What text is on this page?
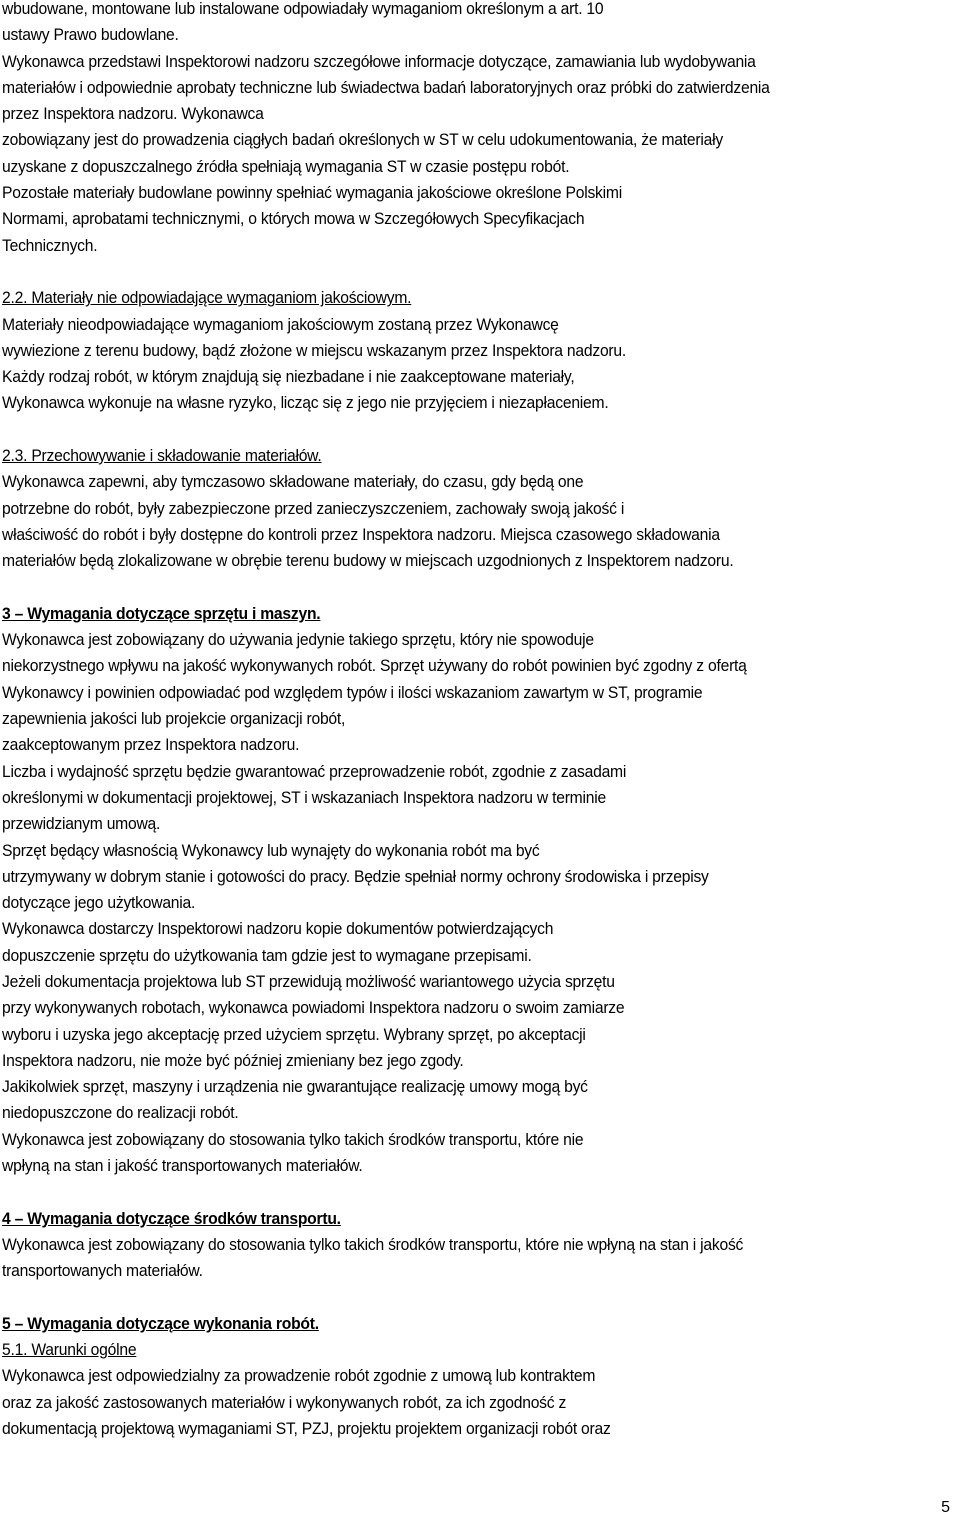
wbudowane, montowane lub instalowane odpowiadały wymaganiom określonym a art. 10
ustawy Prawo budowlane.
Wykonawca przedstawi Inspektorowi nadzoru szczegółowe informacje dotyczące, zamawiania lub wydobywania
materiałów i odpowiednie aprobaty techniczne lub świadectwa badań laboratoryjnych oraz próbki do zatwierdzenia
przez Inspektora nadzoru. Wykonawca
zobowiązany jest do prowadzenia ciągłych badań określonych w ST w celu udokumentowania, że materiały
uzyskane z dopuszczalnego źródła spełniają wymagania ST w czasie postępu robót.
Pozostałe materiały budowlane powinny spełniać wymagania jakościowe określone Polskimi
Normami, aprobatami technicznymi, o których mowa w Szczegółowych Specyfikacjach
Technicznych.
2.2. Materiały nie odpowiadające wymaganiom jakościowym.
Materiały nieodpowiadające wymaganiom jakościowym zostaną przez Wykonawcę
wywiezione z terenu budowy, bądź złożone w miejscu wskazanym przez Inspektora nadzoru.
Każdy rodzaj robót, w którym znajdują się niezbadane i nie zaakceptowane materiały,
Wykonawca wykonuje na własne ryzyko, licząc się z jego nie przyjęciem i niezapłaceniem.
2.3. Przechowywanie i składowanie materiałów.
Wykonawca zapewni, aby tymczasowo składowane materiały, do czasu, gdy będą one
potrzebne do robót, były zabezpieczone przed zanieczyszczeniem, zachowały swoją jakość i
właściwość do robót i były dostępne do kontroli przez Inspektora nadzoru. Miejsca czasowego składowania
materiałów będą zlokalizowane w obrębie terenu budowy w miejscach uzgodnionych z Inspektorem nadzoru.
3 – Wymagania dotyczące sprzętu i maszyn.
Wykonawca jest zobowiązany do używania jedynie takiego sprzętu, który nie spowoduje
niekorzystnego wpływu na jakość wykonywanych robót. Sprzęt używany do robót powinien być zgodny z ofertą
Wykonawcy i powinien odpowiadać pod względem typów i ilości wskazaniom zawartym w ST, programie
zapewnienia jakości lub projekcie organizacji robót,
zaakceptowanym przez Inspektora nadzoru.
Liczba i wydajność sprzętu będzie gwarantować przeprowadzenie robót, zgodnie z zasadami
określonymi w dokumentacji projektowej, ST i wskazaniach Inspektora nadzoru w terminie
przewidzianym umową.
Sprzęt będący własnością Wykonawcy lub wynajęty do wykonania robót ma być
utrzymywany w dobrym stanie i gotowości do pracy. Będzie spełniał normy ochrony środowiska i przepisy
dotyczące jego użytkowania.
Wykonawca dostarczy Inspektorowi nadzoru kopie dokumentów potwierdzających
dopuszczenie sprzętu do użytkowania tam gdzie jest to wymagane przepisami.
Jeżeli dokumentacja projektowa lub ST przewidują możliwość wariantowego użycia sprzętu
przy wykonywanych robotach, wykonawca powiadomi Inspektora nadzoru o swoim zamiarze
wyboru i uzyska jego akceptację przed użyciem sprzętu. Wybrany sprzęt, po akceptacji
Inspektora nadzoru, nie może być później zmieniany bez jego zgody.
Jakikolwiek sprzęt, maszyny i urządzenia nie gwarantujące realizację umowy mogą być
niedopuszczone do realizacji robót.
Wykonawca jest zobowiązany do stosowania tylko takich środków transportu, które nie
wpłyną na stan i jakość transportowanych materiałów.
4 – Wymagania dotyczące środków transportu.
Wykonawca jest zobowiązany do stosowania tylko takich środków transportu, które nie wpłyną na stan i jakość
transportowanych materiałów.
5 – Wymagania dotyczące wykonania robót.
5.1. Warunki ogólne
Wykonawca jest odpowiedzialny za prowadzenie robót zgodnie z umową lub kontraktem
oraz za jakość zastosowanych materiałów i wykonywanych robót, za ich zgodność z
dokumentacją projektową wymaganiami ST, PZJ, projektu projektem organizacji robót oraz
5
